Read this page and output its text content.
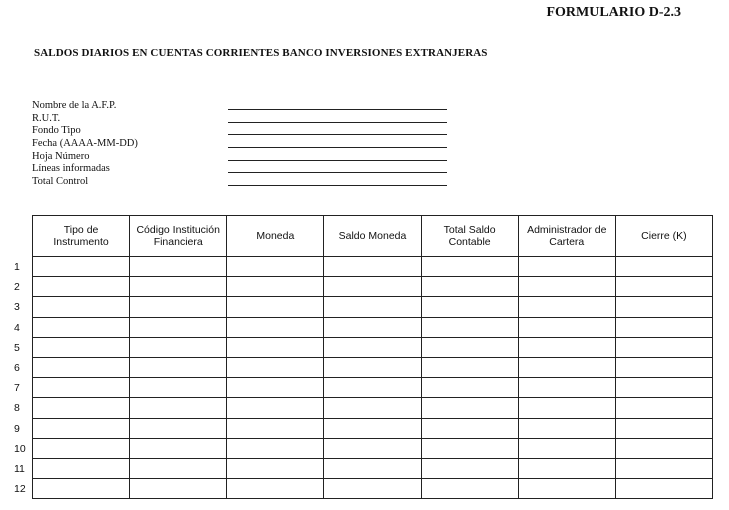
FORMULARIO D-2.3
SALDOS DIARIOS EN CUENTAS CORRIENTES BANCO INVERSIONES EXTRANJERAS
Nombre de la A.F.P.
R.U.T.
Fondo Tipo
Fecha (AAAA-MM-DD)
Hoja Número
Líneas informadas
Total Control
1
2
3
4
5
6
7
8
9
10
11
12
Tipo de Instrumento	Código Institución Financiera	Moneda	Saldo Moneda	Total Saldo Contable	Administrador de Cartera	Cierre (K)
